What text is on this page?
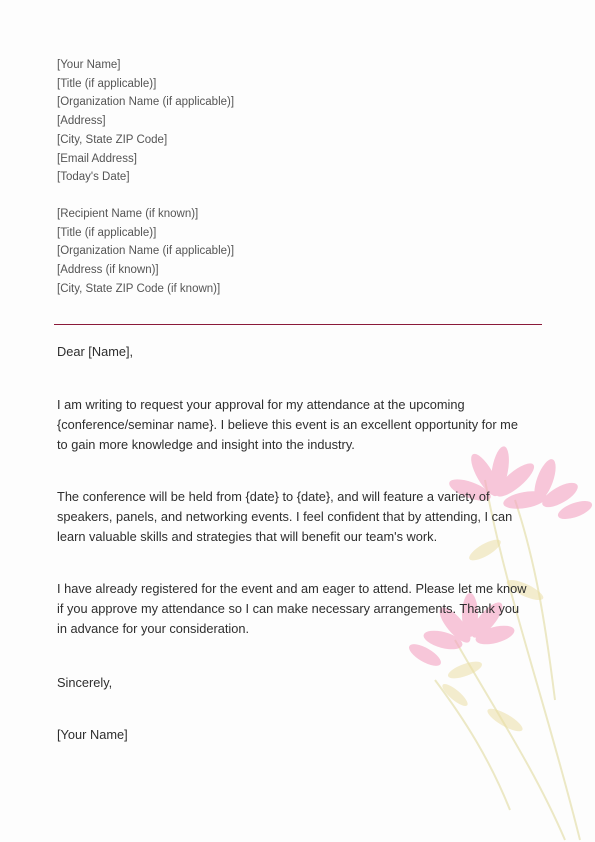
[Your Name]
[Title (if applicable)]
[Organization Name (if applicable)]
[Address]
[City, State ZIP Code]
[Email Address]
[Today's Date]
[Recipient Name (if known)]
[Title (if applicable)]
[Organization Name (if applicable)]
[Address (if known)]
[City, State ZIP Code (if known)]
Dear [Name],
I am writing to request your approval for my attendance at the upcoming
{conference/seminar name}. I believe this event is an excellent opportunity for me
to gain more knowledge and insight into the industry.
The conference will be held from {date} to {date}, and will feature a variety of
speakers, panels, and networking events. I feel confident that by attending, I can
learn valuable skills and strategies that will benefit our team's work.
I have already registered for the event and am eager to attend. Please let me know
if you approve my attendance so I can make necessary arrangements. Thank you
in advance for your consideration.
Sincerely,
[Your Name]
